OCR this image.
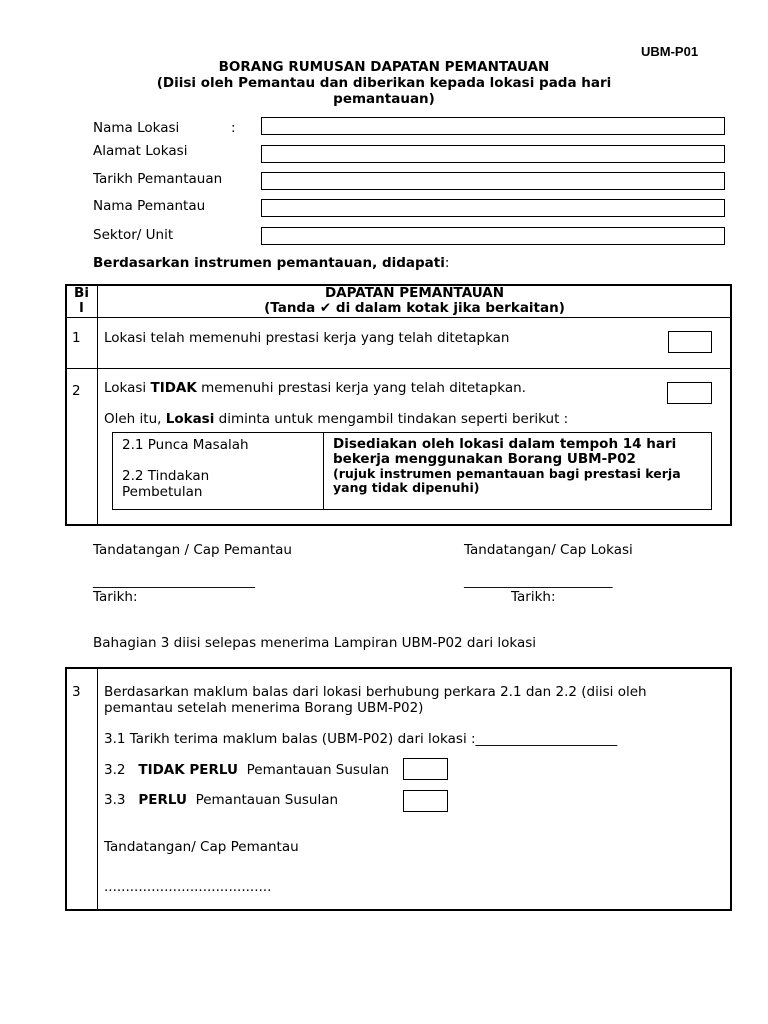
UBM-P01
BORANG RUMUSAN DAPATAN PEMANTAUAN
(Diisi oleh Pemantau dan diberikan kepada lokasi pada hari
pemantauan)
Nama Lokasi	:
Alamat Lokasi
Tarikh Pemantauan
Nama Pemantau
Sektor/ Unit
Berdasarkan instrumen pemantauan, didapati:
Bi
l
DAPATAN PEMANTAUAN
(Tanda ✔ di dalam kotak jika berkaitan)
1 Lokasi telah memenuhi prestasi kerja yang telah ditetapkan
2 Lokasi TIDAK memenuhi prestasi kerja yang telah ditetapkan.
Oleh itu, Lokasi diminta untuk mengambil tindakan seperti berikut :
2.1 Punca Masalah
2.2 Tindakan
Pembetulan
Disediakan oleh lokasi dalam tempoh 14 hari
bekerja menggunakan Borang UBM-P02
(rujuk instrumen pemantauan bagi prestasi kerja
yang tidak dipenuhi)
Tandatangan / Cap Pemantau	Tandatangan/ Cap Lokasi
________________________	______________________
Tarikh:	Tarikh:
Bahagian 3 diisi selepas menerima Lampiran UBM-P02 dari lokasi
3 Berdasarkan maklum balas dari lokasi berhubung perkara 2.1 dan 2.2 (diisi oleh
pemantau setelah menerima Borang UBM-P02)
3.1 Tarikh terima maklum balas (UBM-P02) dari lokasi :_____________________
3.2 TIDAK PERLU Pemantauan Susulan
3.3 PERLU Pemantauan Susulan
Tandatangan/ Cap Pemantau
.......................................
